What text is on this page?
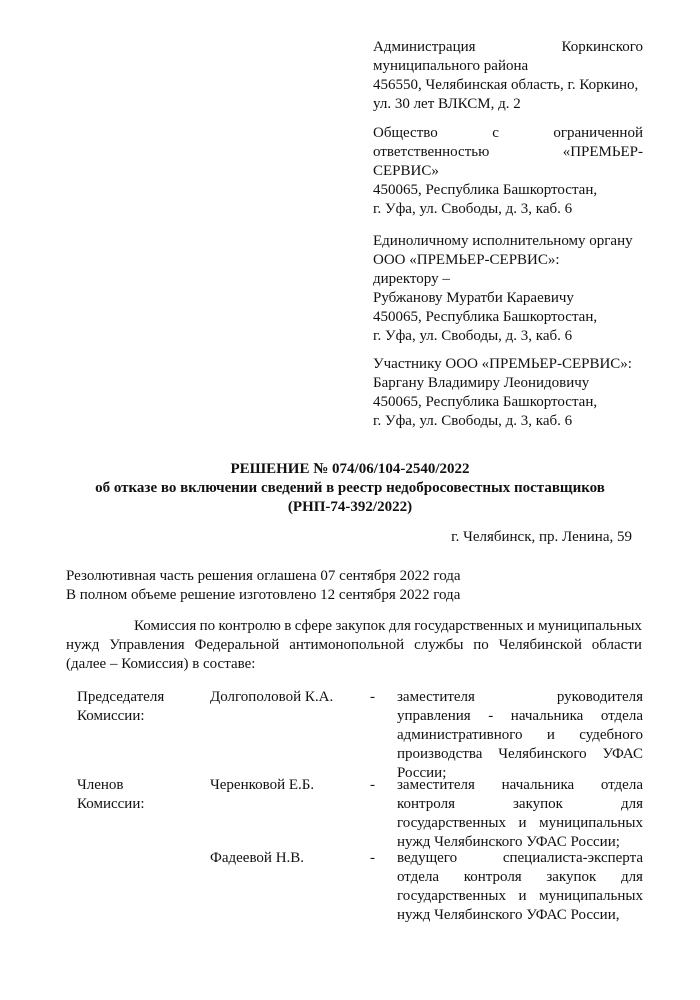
Администрация	Коркинского
муниципального района
456550, Челябинская область, г. Коркино,
ул. 30 лет ВЛКСМ, д. 2
Общество	с	ограниченной
ответственностью	«ПРЕМЬЕР-
СЕРВИС»
450065, Республика Башкортостан,
г. Уфа, ул. Свободы, д. 3, каб. 6
Единоличному исполнительному органу
ООО «ПРЕМЬЕР-СЕРВИС»:
директору –
Рубжанову Муратби Караевичу
450065, Республика Башкортостан,
г. Уфа, ул. Свободы, д. 3, каб. 6
Участнику ООО «ПРЕМЬЕР-СЕРВИС»:
Баргану Владимиру Леонидовичу
450065, Республика Башкортостан,
г. Уфа, ул. Свободы, д. 3, каб. 6
РЕШЕНИЕ № 074/06/104-2540/2022
об отказе во включении сведений в реестр недобросовестных поставщиков
(РНП-74-392/2022)
г. Челябинск, пр. Ленина, 59
Резолютивная часть решения оглашена 07 сентября 2022 года
В полном объеме решение изготовлено 12 сентября 2022 года
Комиссия по контролю в сфере закупок для государственных и муниципальных
нужд Управления Федеральной антимонопольной службы по Челябинской области
(далее – Комиссия) в составе:
Председателя
Комиссии:
Долгополовой К.А.	-	заместителя	руководителя
управления - начальника отдела
административного и судебного
производства Челябинского УФАС
России;
Членов
Комиссии:
Черенковой Е.Б.	-	заместителя начальника отдела
контроля	закупок	для
государственных и муниципальных
нужд Челябинского УФАС России;
Фадеевой Н.В.	-	ведущего	специалиста-эксперта
отдела контроля закупок для
государственных и муниципальных
нужд Челябинского УФАС России,
